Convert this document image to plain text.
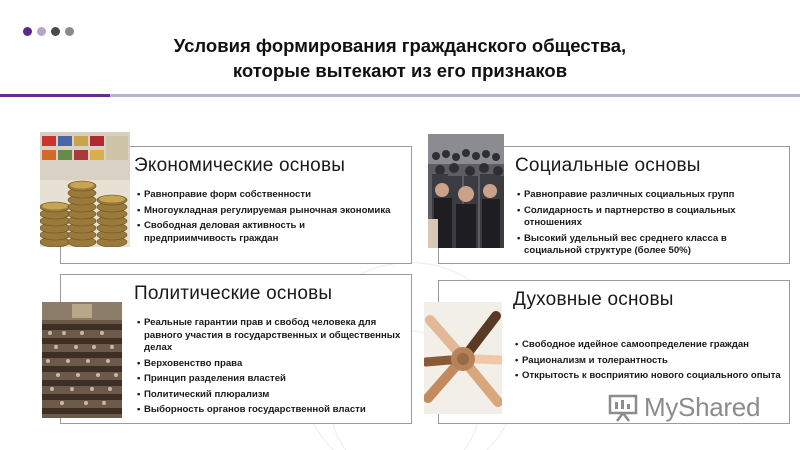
Условия формирования гражданского общества,
которые вытекают из его признаков
Экономические основы
• Равноправие форм собственности
• Многоукладная регулируемая рыночная экономика
• Свободная деловая активность и предприимчивость граждан
Социальные основы
• Равноправие различных социальных групп
• Солидарность и партнерство в социальных отношениях
• Высокий удельный вес среднего класса в социальной структуре (более 50%)
Политические основы
• Реальные гарантии прав и свобод человека для равного участия в государственных и общественных делах
• Верховенство права
• Принцип разделения властей
• Политический плюрализм
• Выборность органов государственной власти
Духовные основы
• Свободное идейное самоопределение граждан
• Рационализм и толерантность
• Открытость к восприятию нового социального опыта
MyShared
